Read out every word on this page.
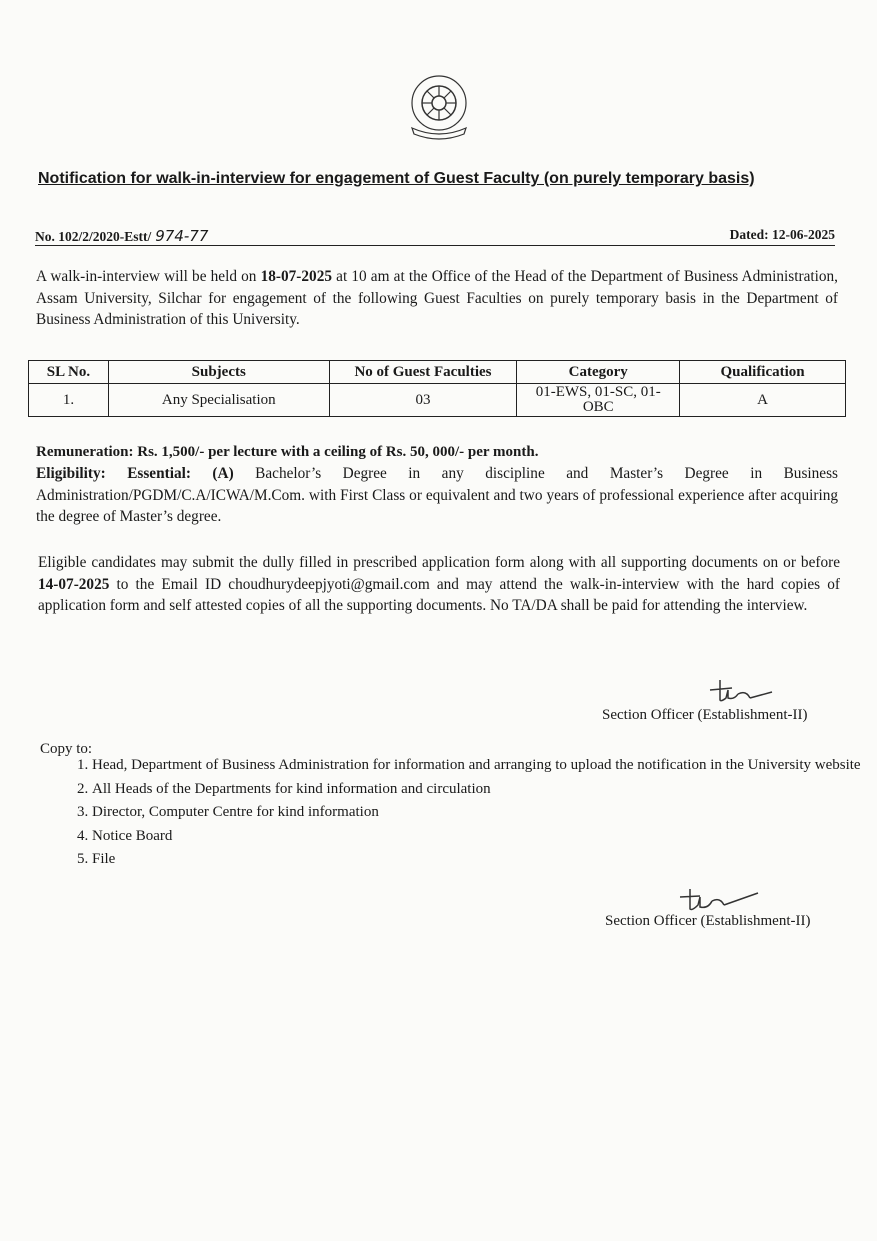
Notification for walk-in-interview for engagement of Guest Faculty (on purely temporary basis)
No. 102/2/2020-Estt/ 974-77	Dated: 12-06-2025
A walk-in-interview will be held on 18-07-2025 at 10 am at the Office of the Head of the Department of Business Administration, Assam University, Silchar for engagement of the following Guest Faculties on purely temporary basis in the Department of Business Administration of this University.
SL No.	Subjects	No of Guest Faculties	Category	Qualification
1.	Any Specialisation	03	01-EWS, 01-SC, 01-OBC	A
Remuneration: Rs. 1,500/- per lecture with a ceiling of Rs. 50, 000/- per month.
Eligibility: Essential: (A) Bachelor’s Degree in any discipline and Master’s Degree in Business Administration/PGDM/C.A/ICWA/M.Com. with First Class or equivalent and two years of professional experience after acquiring the degree of Master’s degree.
Eligible candidates may submit the dully filled in prescribed application form along with all supporting documents on or before 14-07-2025 to the Email ID choudhurydeepjyoti@gmail.com and may attend the walk-in-interview with the hard copies of application form and self attested copies of all the supporting documents. No TA/DA shall be paid for attending the interview.
Section Officer (Establishment-II)
Copy to:
1. Head, Department of Business Administration for information and arranging to upload the notification in the University website
2. All Heads of the Departments for kind information and circulation
3. Director, Computer Centre for kind information
4. Notice Board
5. File
Section Officer (Establishment-II)
